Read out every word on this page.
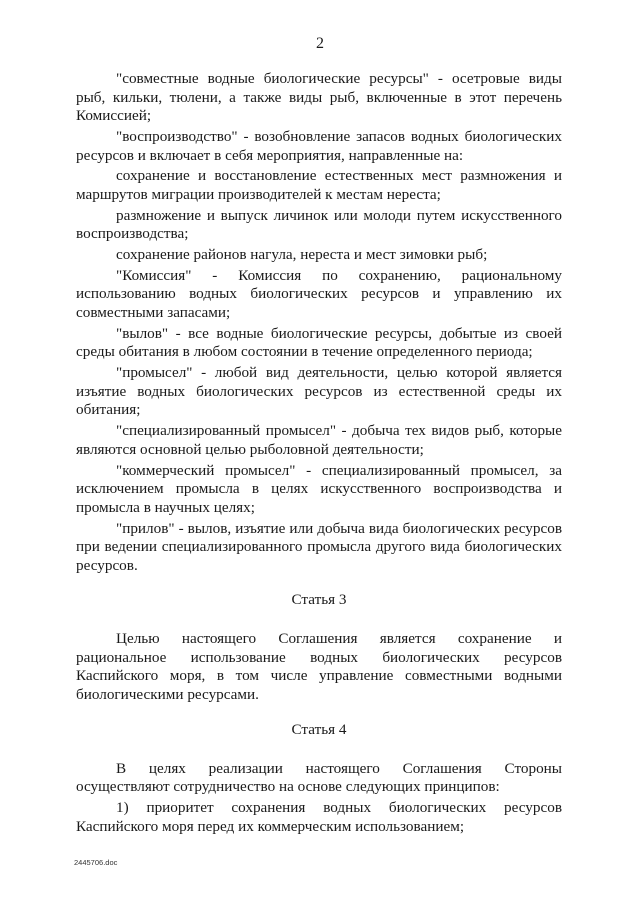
2

"совместные водные биологические ресурсы" - осетровые виды рыб, кильки, тюлени, а также виды рыб, включенные в этот перечень Комиссией;

"воспроизводство" - возобновление запасов водных биологических ресурсов и включает в себя мероприятия, направленные на:

сохранение и восстановление естественных мест размножения и маршрутов миграции производителей к местам нереста;

размножение и выпуск личинок или молоди путем искусственного воспроизводства;

сохранение районов нагула, нереста и мест зимовки рыб;

"Комиссия" - Комиссия по сохранению, рациональному использованию водных биологических ресурсов и управлению их совместными запасами;

"вылов" - все водные биологические ресурсы, добытые из своей среды обитания в любом состоянии в течение определенного периода;

"промысел" - любой вид деятельности, целью которой является изъятие водных биологических ресурсов из естественной среды их обитания;

"специализированный промысел" - добыча тех видов рыб, которые являются основной целью рыболовной деятельности;

"коммерческий промысел" - специализированный промысел, за исключением промысла в целях искусственного воспроизводства и промысла в научных целях;

"прилов" - вылов, изъятие или добыча вида биологических ресурсов при ведении специализированного промысла другого вида биологических ресурсов.

Статья 3

Целью настоящего Соглашения является сохранение и рациональное использование водных биологических ресурсов Каспийского моря, в том числе управление совместными водными биологическими ресурсами.

Статья 4

В целях реализации настоящего Соглашения Стороны осуществляют сотрудничество на основе следующих принципов:

1) приоритет сохранения водных биологических ресурсов Каспийского моря перед их коммерческим использованием;

2445706.doc
